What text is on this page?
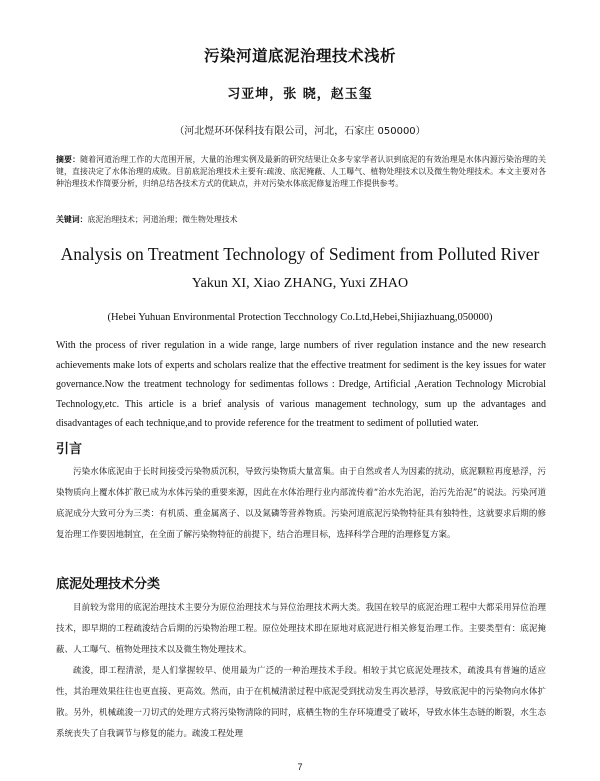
污染河道底泥治理技术浅析
习亚坤，张 晓，赵玉玺
（河北煜环环保科技有限公司，河北，石家庄 050000）
摘要：随着河道治理工作的大范围开展，大量的治理实例及最新的研究结果让众多专家学者认识到底泥的有效治理是水体内源污染治理的关键，直接决定了水体治理的成败。目前底泥治理技术主要有:疏浚、底泥掩蔽、人工曝气、植物处理技术以及微生物处理技术。本文主要对各种治理技术作简要分析，归纳总结各技术方式的优缺点，并对污染水体底泥修复治理工作提供参考。
关键词：底泥治理技术；河道治理；微生物处理技术
Analysis on Treatment Technology of Sediment from Polluted River
Yakun XI, Xiao ZHANG, Yuxi ZHAO
(Hebei Yuhuan Environmental Protection Tecchnology Co.Ltd,Hebei,Shijiazhuang,050000)
With the process of river regulation in a wide range, large numbers of river regulation instance and the new research achievements make lots of experts and scholars realize that the effective treatment for sediment is the key issues for water governance.Now the treatment technology for sedimentas follows : Dredge, Artificial ,Aeration Technology Microbial Technology,etc. This article is a brief analysis of various management technology, sum up the advantages and disadvantages of each technique,and to provide reference for the treatment to sediment of pollutied water.
引言
污染水体底泥由于长时间接受污染物质沉积，导致污染物质大量富集。由于自然或者人为因素的扰动，底泥颗粒再度悬浮，污染物质向上覆水体扩散已成为水体污染的重要来源，因此在水体治理行业内部流传着“治水先治泥，治污先治泥”的说法。污染河道底泥成分大致可分为三类：有机质、重金属离子、以及氮磷等营养物质。污染河道底泥污染物特征具有独特性，这就要求后期的修复治理工作要因地制宜，在全面了解污染物特征的前提下，结合治理目标，选择科学合理的治理修复方案。
底泥处理技术分类
目前较为常用的底泥治理技术主要分为原位治理技术与异位治理技术两大类。我国在较早的底泥治理工程中大都采用异位治理技术，即早期的工程疏浚结合后期的污染物治理工程。原位处理技术即在原地对底泥进行相关修复治理工作。主要类型有：底泥掩蔽、人工曝气、植物处理技术以及微生物处理技术。
疏浚，即工程清淤，是人们掌握较早、使用最为广泛的一种治理技术手段。相较于其它底泥处理技术，疏浚具有普遍的适应性，其治理效果往往也更直接、更高效。然而，由于在机械清淤过程中底泥受到扰动发生再次悬浮，导致底泥中的污染物向水体扩散。另外，机械疏浚一刀切式的处理方式将污染物清除的同时，底栖生物的生存环境遭受了破坏，导致水体生态链的断裂，水生态系统丧失了自我调节与修复的能力。疏浚工程处理
7
